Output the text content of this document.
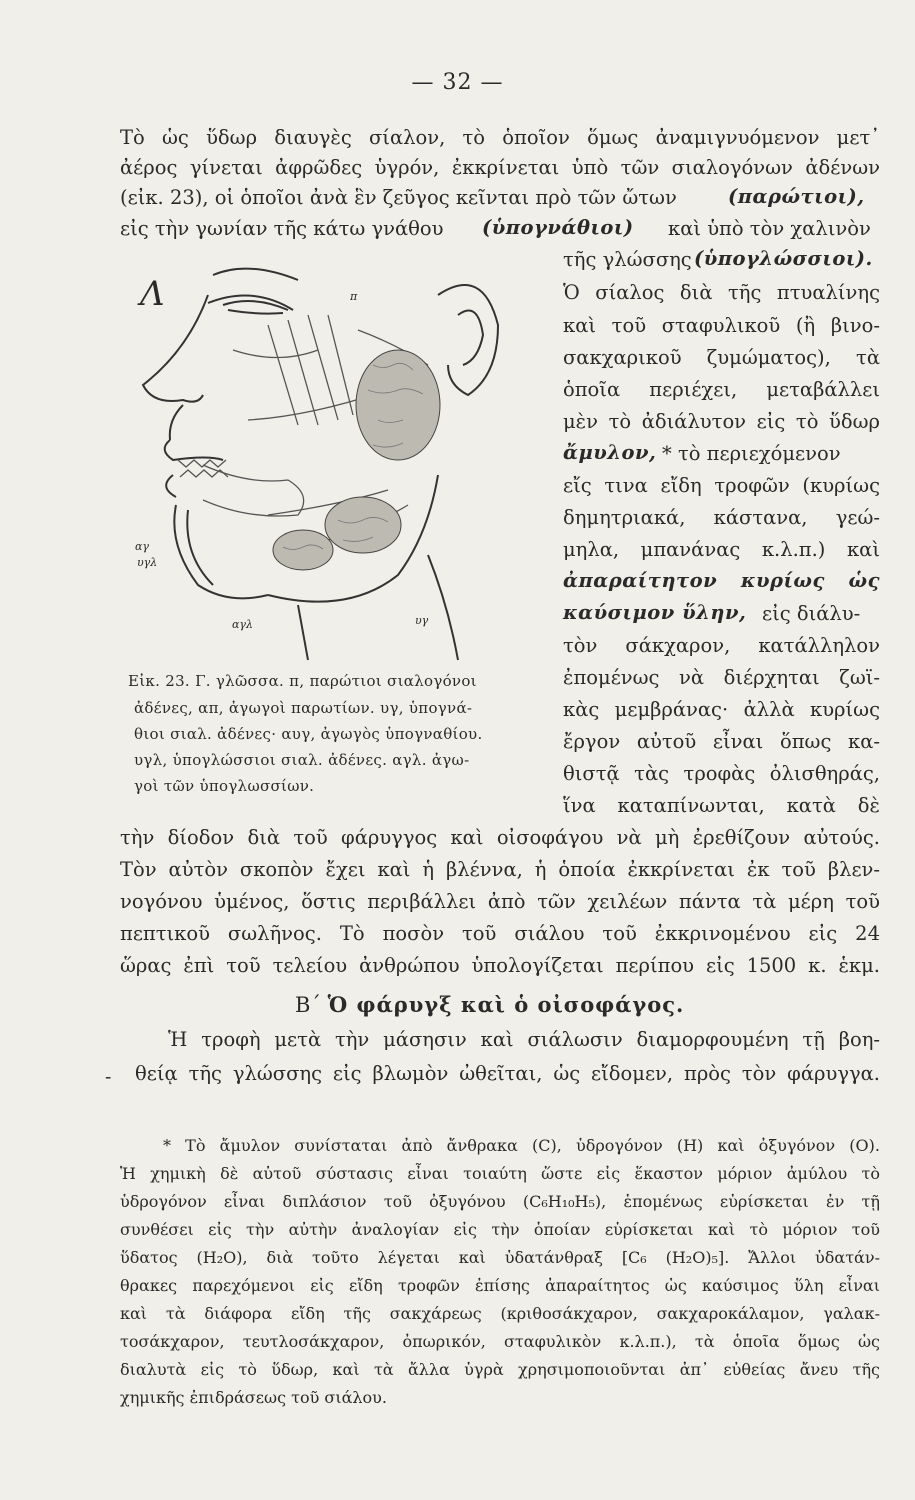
— 32 —
Τὸ ὡς ὕδωρ διαυγὲς σίαλον, τὸ ὁποῖον ὅμως ἀναμιγνυόμενον μετ᾽
ἀέρος γίνεται ἀφρῶδες ὑγρόν, ἐκκρίνεται ὑπὸ τῶν σιαλογόνων ἀδένων
(εἰκ. 23), οἱ ὁποῖοι ἀνὰ ἓν ζεῦγος κεῖνται πρὸ τῶν ὤτων	(παρώτιοι),
εἰς τὴν γωνίαν τῆς κάτω γνάθου (ὑπογνάθιοι) καὶ ὑπὸ τὸν χαλινὸν
τῆς γλώσσης (ὑπογλώσσιοι).
Λ	π
αγ
υγλ
αγλ	υγ
Ὁ σίαλος διὰ τῆς πτυαλίνης
καὶ τοῦ σταφυλικοῦ (ἢ βινο-
σακχαρικοῦ ζυμώματος), τὰ
ὁποῖα περιέχει, μεταβάλλει
μὲν τὸ ἀδιάλυτον εἰς τὸ ὕδωρ
ἄμυλον, * τὸ περιεχόμενον
εἴς τινα εἴδη τροφῶν (κυρίως
δημητριακά, κάστανα, γεώ-
μηλα, μπανάνας κ.λ.π.) καὶ
ἀπαραίτητον κυρίως ὡς
καύσιμον ὕλην, εἰς διάλυ-
τὸν σάκχαρον, κατάλληλον
ἐπομένως νὰ διέρχηται ζωϊ-
κὰς μεμβράνας· ἀλλὰ κυρίως
ἔργον αὐτοῦ εἶναι ὅπως κα-
θιστᾷ τὰς τροφὰς ὀλισθηράς,
ἵνα καταπίνωνται, κατὰ δὲ
Εἰκ. 23. Γ. γλῶσσα. π, παρώτιοι σιαλογόνοι
ἀδένες, απ, ἀγωγοὶ παρωτίων. υγ, ὑπογνά-
θιοι σιαλ. ἀδένες· αυγ, ἀγωγὸς ὑπογναθίου.
υγλ, ὑπογλώσσιοι σιαλ. ἀδένες. αγλ. ἀγω-
γοὶ τῶν ὑπογλωσσίων.
τὴν δίοδον διὰ τοῦ φάρυγγος καὶ οἰσοφάγου νὰ μὴ ἐρεθίζουν αὐτούς.
Τὸν αὐτὸν σκοπὸν ἔχει καὶ ἡ βλέννα, ἡ ὁποία ἐκκρίνεται ἐκ τοῦ βλεν-
νογόνου ὑμένος, ὅστις περιβάλλει ἀπὸ τῶν χειλέων πάντα τὰ μέρη τοῦ
πεπτικοῦ σωλῆνος. Τὸ ποσὸν τοῦ σιάλου τοῦ ἐκκρινομένου εἰς 24
ὥρας ἐπὶ τοῦ τελείου ἀνθρώπου ὑπολογίζεται περίπου εἰς 1500 κ. ἑκμ.
Β΄ Ὁ φάρυγξ καὶ ὁ οἰσοφάγος.
Ἡ τροφὴ μετὰ τὴν μάσησιν καὶ σιάλωσιν διαμορφουμένη τῇ βοη-
- θείᾳ τῆς γλώσσης εἰς βλωμὸν ὠθεῖται, ὡς εἴδομεν, πρὸς τὸν φάρυγγα.
* Τὸ ἄμυλον συνίσταται ἀπὸ ἄνθρακα (C), ὑδρογόνον (Η) καὶ ὀξυγόνον (Ο).
Ἡ χημικὴ δὲ αὐτοῦ σύστασις εἶναι τοιαύτη ὥστε εἰς ἕκαστον μόριον ἀμύλου τὸ
ὑδρογόνον εἶναι διπλάσιον τοῦ ὀξυγόνου (C₆H₁₀H₅), ἑπομένως εὑρίσκεται ἐν τῇ
συνθέσει εἰς τὴν αὐτὴν ἀναλογίαν εἰς τὴν ὁποίαν εὑρίσκεται καὶ τὸ μόριον τοῦ
ὕδατος (H₂O), διὰ τοῦτο λέγεται καὶ ὑδατάνθραξ [C₆ (H₂O)₅]. Ἄλλοι ὑδατάν-
θρακες παρεχόμενοι εἰς εἴδη τροφῶν ἐπίσης ἀπαραίτητος ὡς καύσιμος ὕλη εἶναι
καὶ τὰ διάφορα εἴδη τῆς σακχάρεως (κριθοσάκχαρον, σακχαροκάλαμον, γαλακ-
τοσάκχαρον, τευτλοσάκχαρον, ὀπωρικόν, σταφυλικὸν κ.λ.π.), τὰ ὁποῖα ὅμως ὡς
διαλυτὰ εἰς τὸ ὕδωρ, καὶ τὰ ἄλλα ὑγρὰ χρησιμοποιοῦνται ἀπ᾽ εὐθείας ἄνευ τῆς
χημικῆς ἐπιδράσεως τοῦ σιάλου.
